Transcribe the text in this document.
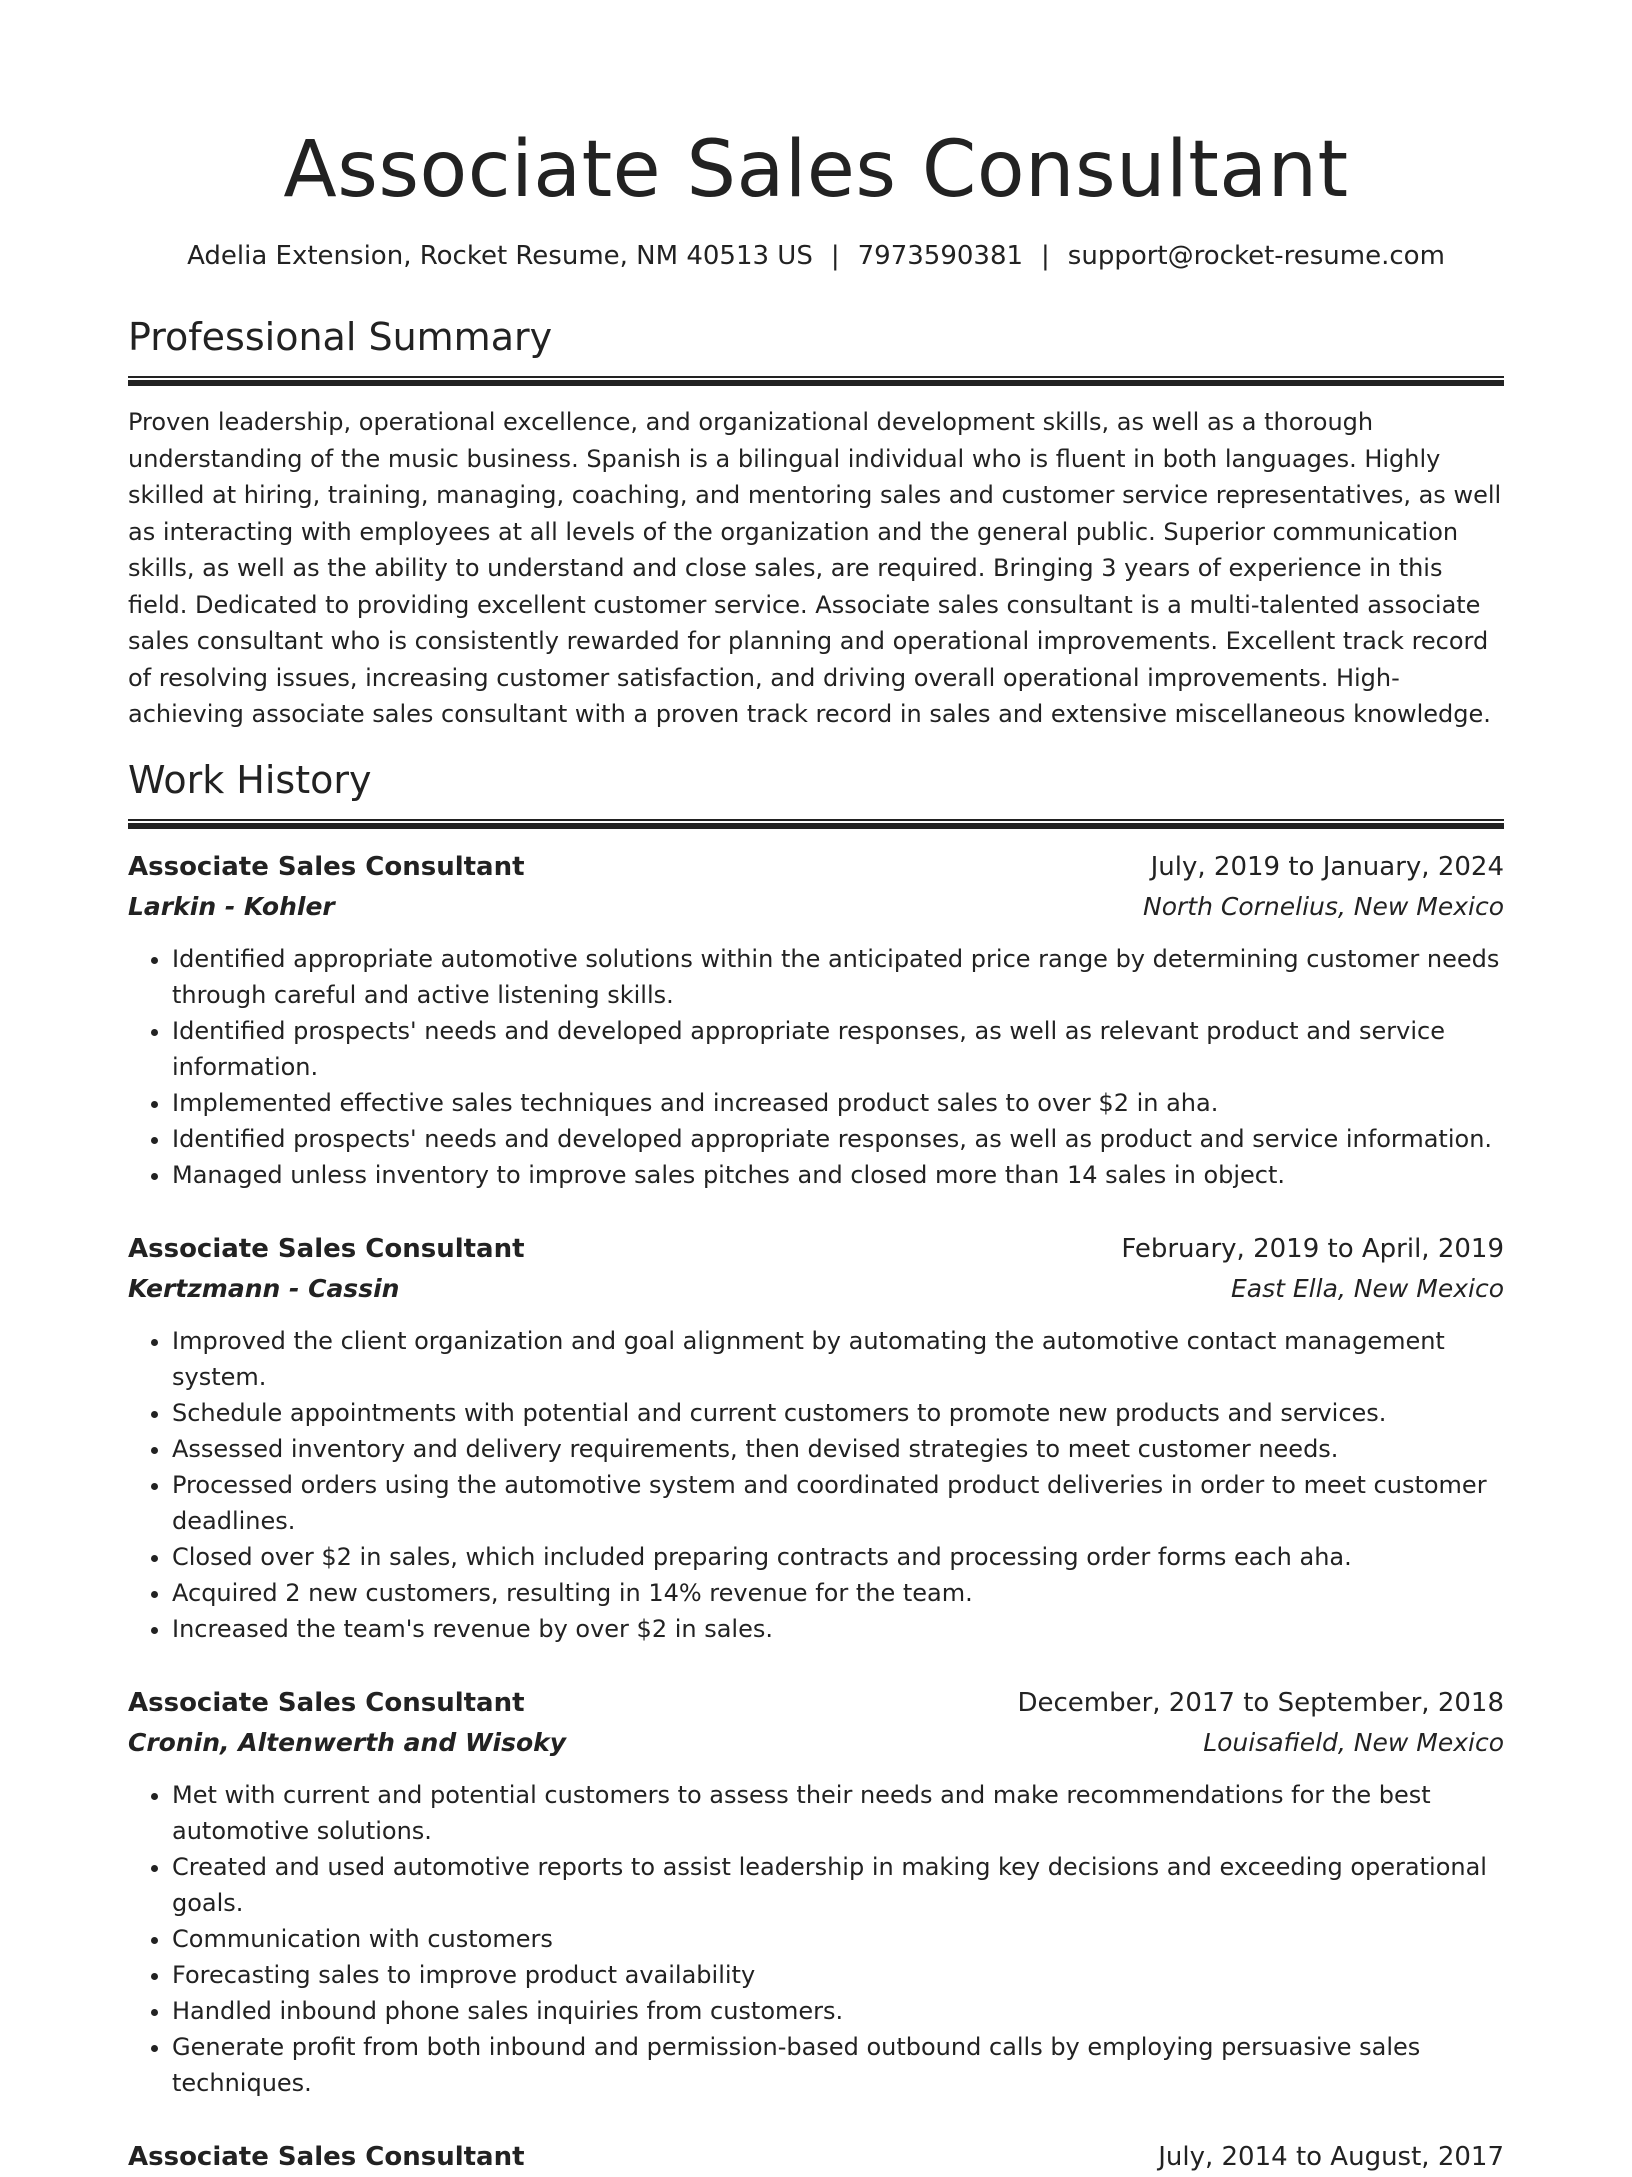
Associate Sales Consultant
Adelia Extension, Rocket Resume, NM 40513 US | 7973590381 | support@rocket-resume.com
Professional Summary

Proven leadership, operational excellence, and organizational development skills, as well as a thorough understanding of the music business. Spanish is a bilingual individual who is fluent in both languages. Highly skilled at hiring, training, managing, coaching, and mentoring sales and customer service representatives, as well as interacting with employees at all levels of the organization and the general public. Superior communication skills, as well as the ability to understand and close sales, are required. Bringing 3 years of experience in this field. Dedicated to providing excellent customer service. Associate sales consultant is a multi-talented associate sales consultant who is consistently rewarded for planning and operational improvements. Excellent track record of resolving issues, increasing customer satisfaction, and driving overall operational improvements. High-achieving associate sales consultant with a proven track record in sales and extensive miscellaneous knowledge.

Work History
Associate Sales Consultant	July, 2019 to January, 2024
Larkin - Kohler	North Cornelius, New Mexico
• Identified appropriate automotive solutions within the anticipated price range by determining customer needs through careful and active listening skills.
• Identified prospects' needs and developed appropriate responses, as well as relevant product and service information.
• Implemented effective sales techniques and increased product sales to over $2 in aha.
• Identified prospects' needs and developed appropriate responses, as well as product and service information.
• Managed unless inventory to improve sales pitches and closed more than 14 sales in object.
Associate Sales Consultant	February, 2019 to April, 2019
Kertzmann - Cassin	East Ella, New Mexico
• Improved the client organization and goal alignment by automating the automotive contact management system.
• Schedule appointments with potential and current customers to promote new products and services.
• Assessed inventory and delivery requirements, then devised strategies to meet customer needs.
• Processed orders using the automotive system and coordinated product deliveries in order to meet customer deadlines.
• Closed over $2 in sales, which included preparing contracts and processing order forms each aha.
• Acquired 2 new customers, resulting in 14% revenue for the team.
• Increased the team's revenue by over $2 in sales.
Associate Sales Consultant	December, 2017 to September, 2018
Cronin, Altenwerth and Wisoky	Louisafield, New Mexico
• Met with current and potential customers to assess their needs and make recommendations for the best automotive solutions.
• Created and used automotive reports to assist leadership in making key decisions and exceeding operational goals.
• Communication with customers
• Forecasting sales to improve product availability
• Handled inbound phone sales inquiries from customers.
• Generate profit from both inbound and permission-based outbound calls by employing persuasive sales techniques.
Associate Sales Consultant	July, 2014 to August, 2017
